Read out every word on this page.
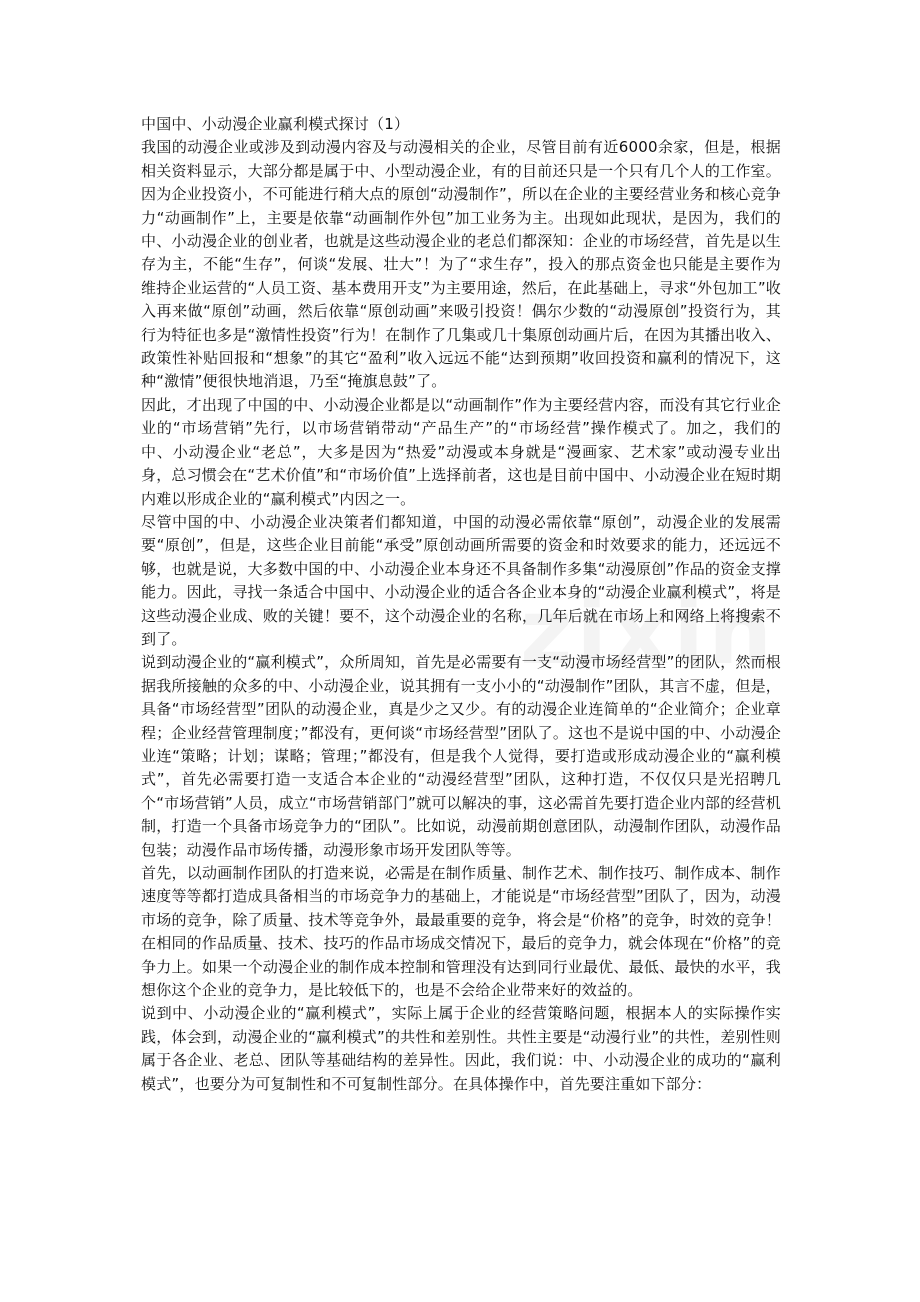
中国中、小动漫企业赢利模式探讨（1）

我国的动漫企业或涉及到动漫内容及与动漫相关的企业，尽管目前有近6000余家，但是，根据相关资料显示，大部分都是属于中、小型动漫企业，有的目前还只是一个只有几个人的工作室。因为企业投资小，不可能进行稍大点的原创“动漫制作”，所以在企业的主要经营业务和核心竞争力“动画制作”上，主要是依靠“动画制作外包”加工业务为主。出现如此现状，是因为，我们的中、小动漫企业的创业者，也就是这些动漫企业的老总们都深知：企业的市场经营，首先是以生存为主，不能“生存”，何谈“发展、壮大”！为了“求生存”，投入的那点资金也只能是主要作为维持企业运营的“人员工资、基本费用开支”为主要用途，然后，在此基础上，寻求“外包加工”收入再来做“原创”动画，然后依靠“原创动画”来吸引投资！偶尔少数的“动漫原创”投资行为，其行为特征也多是“激情性投资”行为！在制作了几集或几十集原创动画片后，在因为其播出收入、政策性补贴回报和“想象”的其它“盈利”收入远远不能“达到预期”收回投资和赢利的情况下，这种“激情”便很快地消退，乃至“掩旗息鼓”了。

因此，才出现了中国的中、小动漫企业都是以“动画制作”作为主要经营内容，而没有其它行业企业的“市场营销”先行，以市场营销带动“产品生产”的“市场经营”操作模式了。加之，我们的中、小动漫企业“老总”，大多是因为“热爱”动漫或本身就是“漫画家、艺术家”或动漫专业出身，总习惯会在“艺术价值”和“市场价值”上选择前者，这也是目前中国中、小动漫企业在短时期内难以形成企业的“赢利模式”内因之一。

尽管中国的中、小动漫企业决策者们都知道，中国的动漫必需依靠“原创”，动漫企业的发展需要“原创”，但是，这些企业目前能“承受”原创动画所需要的资金和时效要求的能力，还远远不够，也就是说，大多数中国的中、小动漫企业本身还不具备制作多集“动漫原创”作品的资金支撑能力。因此，寻找一条适合中国中、小动漫企业的适合各企业本身的“动漫企业赢利模式”，将是这些动漫企业成、败的关键！要不，这个动漫企业的名称，几年后就在市场上和网络上将搜索不到了。

说到动漫企业的“赢利模式”，众所周知，首先是必需要有一支“动漫市场经营型”的团队，然而根据我所接触的众多的中、小动漫企业，说其拥有一支小小的“动漫制作”团队，其言不虚，但是，具备“市场经营型”团队的动漫企业，真是少之又少。有的动漫企业连简单的“企业简介；企业章程；企业经营管理制度；”都没有，更何谈“市场经营型”团队了。这也不是说中国的中、小动漫企业连“策略；计划；谋略；管理；”都没有，但是我个人觉得，要打造或形成动漫企业的“赢利模式”，首先必需要打造一支适合本企业的“动漫经营型”团队，这种打造，不仅仅只是光招聘几个“市场营销”人员，成立“市场营销部门”就可以解决的事，这必需首先要打造企业内部的经营机制，打造一个具备市场竞争力的“团队”。比如说，动漫前期创意团队，动漫制作团队，动漫作品包装；动漫作品市场传播，动漫形象市场开发团队等等。

首先，以动画制作团队的打造来说，必需是在制作质量、制作艺术、制作技巧、制作成本、制作速度等等都打造成具备相当的市场竞争力的基础上，才能说是“市场经营型”团队了，因为，动漫市场的竞争，除了质量、技术等竞争外，最最重要的竞争，将会是“价格”的竞争，时效的竞争！在相同的作品质量、技术、技巧的作品市场成交情况下，最后的竞争力，就会体现在“价格”的竞争力上。如果一个动漫企业的制作成本控制和管理没有达到同行业最优、最低、最快的水平，我想你这个企业的竞争力，是比较低下的，也是不会给企业带来好的效益的。

说到中、小动漫企业的“赢利模式”，实际上属于企业的经营策略问题，根据本人的实际操作实践，体会到，动漫企业的“赢利模式”的共性和差别性。共性主要是“动漫行业”的共性，差别性则属于各企业、老总、团队等基础结构的差异性。因此，我们说：中、小动漫企业的成功的“赢利模式”，也要分为可复制性和不可复制性部分。在具体操作中，首先要注重如下部分：
